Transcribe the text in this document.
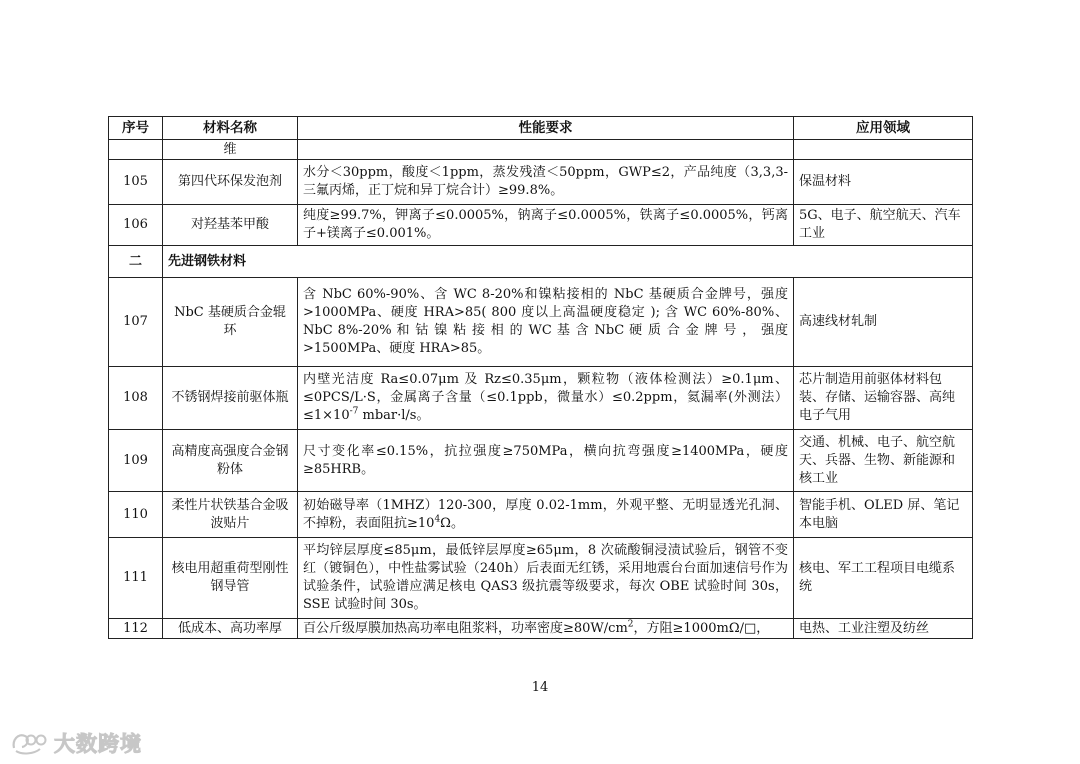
序号	材料名称	性能要求	应用领域
	维		
105	第四代环保发泡剂	水分＜30ppm，酸度＜1ppm，蒸发残渣＜50ppm，GWP≤2，产品纯度（3,3,3-三氟丙烯，正丁烷和异丁烷合计）≥99.8%。	保温材料
106	对羟基苯甲酸	纯度≥99.7%，钾离子≤0.0005%，钠离子≤0.0005%，铁离子≤0.0005%，钙离子+镁离子≤0.001%。	5G、电子、航空航天、汽车工业
二	先进钢铁材料		
107	NbC 基硬质合金辊环	含 NbC 60%-90%、含 WC 8-20%和镍粘接相的 NbC 基硬质合金牌号，强度>1000MPa、硬度 HRA>85( 800 度以上高温硬度稳定 ); 含 WC 60%-80%、NbC 8%-20% 和 钴 镍 粘 接 相 的 WC 基 含 NbC 硬 质 合 金 牌 号 ， 强度>1500MPa、硬度 HRA>85。	高速线材轧制
108	不锈钢焊接前驱体瓶	内壁光洁度 Ra≤0.07μm 及 Rz≤0.35μm，颗粒物（液体检测法）≥0.1μm、≤0PCS/L·S，金属离子含量（≤0.1ppb，微量水）≤0.2ppm，氦漏率(外测法）$\le 1\times 10^{-7}$ mbar·l/s。	芯片制造用前驱体材料包装、存储、运输容器、高纯电子气用
109	高精度高强度合金钢粉体	尺寸变化率≤0.15%，抗拉强度≥750MPa，横向抗弯强度≥1400MPa，硬度≥85HRB。	交通、机械、电子、航空航天、兵器、生物、新能源和核工业
110	柔性片状铁基合金吸波贴片	初始磁导率（1MHZ）120-300，厚度 0.02-1mm，外观平整、无明显透光孔洞、不掉粉，表面阻抗$\ge 10^4\Omega$。	智能手机、OLED 屏、笔记本电脑
111	核电用超重荷型刚性钢导管	平均锌层厚度≤85μm，最低锌层厚度≥65μm，8 次硫酸铜浸渍试验后，钢管不变红（镀铜色），中性盐雾试验（240h）后表面无红锈，采用地震台台面加速信号作为试验条件，试验谱应满足核电 QAS3 级抗震等级要求，每次 OBE 试验时间 30s，SSE 试验时间 30s。	核电、军工工程项目电缆系统
112	低成本、高功率厚	百公斤级厚膜加热高功率电阻浆料，功率密度$\ge 80W/cm^2$，方阻≥1000mΩ/□，	电热、工业注塑及纺丝
14
大数跨境
